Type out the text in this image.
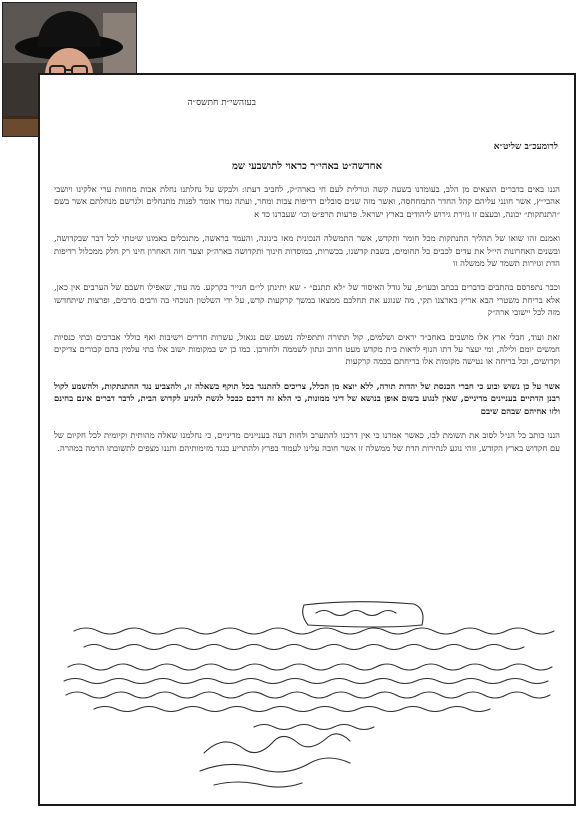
בעזהשי״ת חתשס״ה
לרומעכ״ב שליט״א
אחדשה״ט באהי״ר כראוי לתושבעי שמ

הננו באים בדברים הוצאים מן הלב, בעומדנו בשעה קשה וגורלית לעם חי בארה״ק, לחביב דעתו: ולבקש על נחלתנו נחלת אבות מחוזות ערי אלקינו ויושבי אהבי״ץ, אשר חונני עליהם קהל החדר התמחחסה, ואשר מזה שנים סובלים רדיפות צבות ומחר, ועתה גמרו אומר לפנות מתנחלים ולגרשם מנחלתם אשר בשם ״התנתקות״ יכונה, ובעצם זו גזירת גירוש ליהודים בארץ ישראל. פרעות תרפ״ט וכו׳ שעברנו כד א

ואמנם זהו שואו של תהליך התנתקות מכל חומר ותקדש, אשר התמשלה הנכונית מאז כינונה, והעמד בראשה, מתנכלים באמונו שיטתי לכל דבר שבקדושה, ובשנים האחרונות הי״ל את עדים לכבים כל תחומים, בשבת קדשנו, בכשרות, במוסדות חינוך ותקדושה בארה״ק וצעד חזה האחרון חינו רק חלק ממכלול רדיפות הדת וגזירות תשמד של ממשלה זו

וכבר נתפרסם בהתבים בדברים בכתב ובעו״פ, על גודל האיסור של ״לא תתנם״ - שא יתינתן לי״ם חנייר בקרקע. מה עוד, שאפילו חשבם של הערבים אין כאן, אלא בריחת משטרי הבא אריץ בארצנו תקי, מה שנוגע את תחלכם ממצאו במשך קרקעות קדש, על ידי השלטון הנוכחי בה ורבים מרבים, ופרצות שיתחדשו מזה לכל יישובי ארה״ק

זאת ועוד, חבלי ארץ אלו מושבים באחב״ד יראים ושלמים, קול תתורה ותתפילה נשמע שם נגאול, עשרות חדרים וישיבות ואף כוללי אברכים ובתי כנסיות חמשים יומם ולילה, ומי יעצר על דתו הנוף לראות בית מקדש מעט חרוב ונתון לשממה ולחורבן. כמו כן יש במקומות ישוב אלו בתי עלמין בהם קבורים צדיקים וקדושים, וכל בריחה או נטישה מקומות אלו בריחתם בכמה קרקעות

אשר על כן נשוש ובוע כי חברי הכנסת של יהדות תורה, ללא יוצא מן הכלל, צריכים להתנגד בכל תוקף בשאלה זו, ולהצביע נגד ההתנתקות, ולהשמע לקול רבנן הדתיים בעניינים מדיניים, שאין לנגוע בשום אופן בנושא של דיני ממונות, כי הלא זה דרכם כבכל לגשת להגיע לקדוש הבית, לדבר דברים אינם בחינם ולזו אחיהם שבהם שיבם

הננו כותב כל הנ״ל לסוב את תשומת לבו, כאשר אמרנו כי אין דרכנו להתערב ולחות דעה בעניינים מדיניים, כי נחלמנו שאלה מהותית וקיומית לכל חקיום של עם חקדוש בארץ הקודש, זוהי נוגע לנהירות הדת של ממשלה זו אשר חובה עלינו לעמוד בפרץ ולהתריע כנגד מזימותיהם ותננו מצפים לתשובתו הרמה במהרה.
